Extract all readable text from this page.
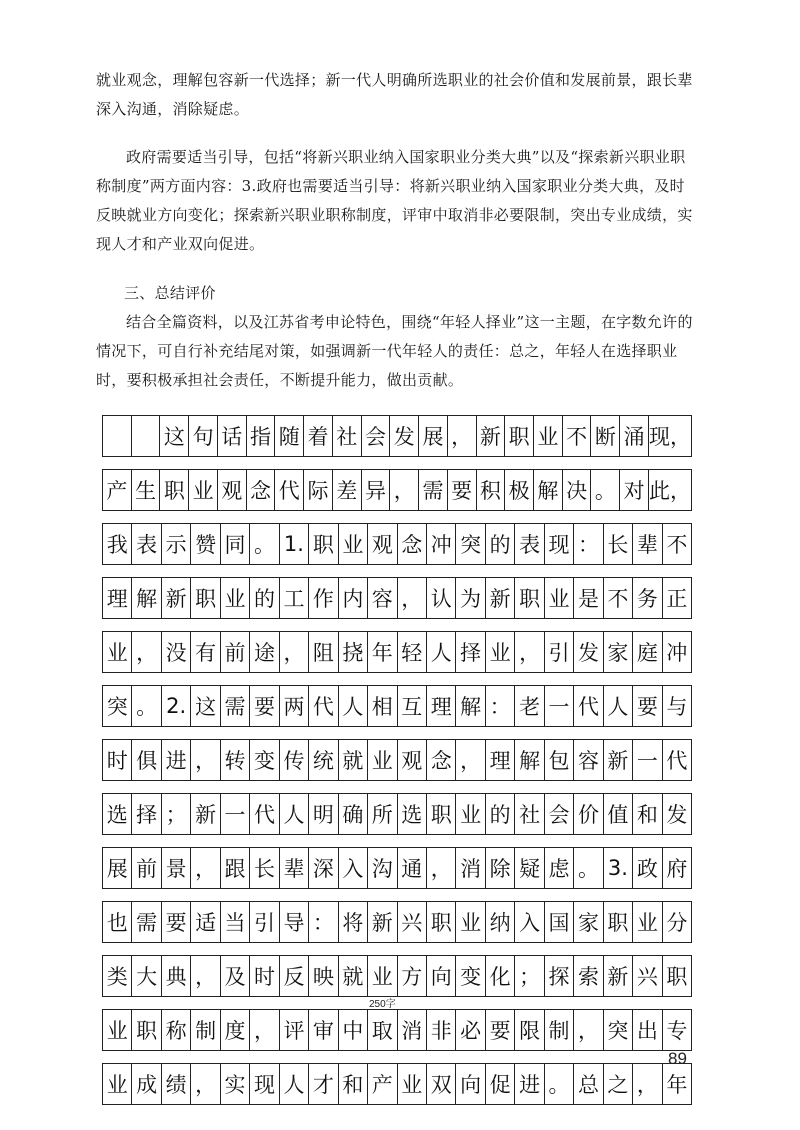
就业观念，理解包容新一代选择；新一代人明确所选职业的社会价值和发展前景，跟长辈深入沟通，消除疑虑。

政府需要适当引导，包括“将新兴职业纳入国家职业分类大典”以及“探索新兴职业职称制度”两方面内容：3.政府也需要适当引导：将新兴职业纳入国家职业分类大典，及时反映就业方向变化；探索新兴职业职称制度，评审中取消非必要限制，突出专业成绩，实现人才和产业双向促进。

三、总结评价

结合全篇资料，以及江苏省考申论特色，围绕“年轻人择业”这一主题，在字数允许的情况下，可自行补充结尾对策，如强调新一代年轻人的责任：总之，年轻人在选择职业时，要积极承担社会责任，不断提升能力，做出贡献。

这 句 话 指 随 着 社 会 发 展 ， 新 职 业 不 断 涌 现，
产 生 职 业 观 念 代 际 差 异 ， 需 要 积 极 解 决 。 对 此，
我 表 示 赞 同 。 1. 职 业 观 念 冲 突 的 表 现 ： 长 辈 不
理 解 新 职 业 的 工 作 内 容 ， 认 为 新 职 业 是 不 务 正
业 ， 没 有 前 途 ， 阻 挠 年 轻 人 择 业 ， 引 发 家 庭 冲
突 。 2. 这 需 要 两 代 人 相 互 理 解 ： 老 一 代 人 要 与
时 俱 进 ， 转 变 传 统 就 业 观 念 ， 理 解 包 容 新 一 代
选 择 ； 新 一 代 人 明 确 所 选 职 业 的 社 会 价 值 和 发
展 前 景 ， 跟 长 辈 深 入 沟 通 ， 消 除 疑 虑 。 3. 政 府
也 需 要 适 当 引 导 ： 将 新 兴 职 业 纳 入 国 家 职 业 分
类 大 典 ， 及 时 反 映 就 业 方 向 变 化 ； 探 索 新 兴 职
业 职 称 制 度 ， 评 审 中 取 消 非 必 要 限 制 ， 突 出 专
业 成 绩 ， 实 现 人 才 和 产 业 双 向 促 进 。 总 之 ， 年
250字
89
